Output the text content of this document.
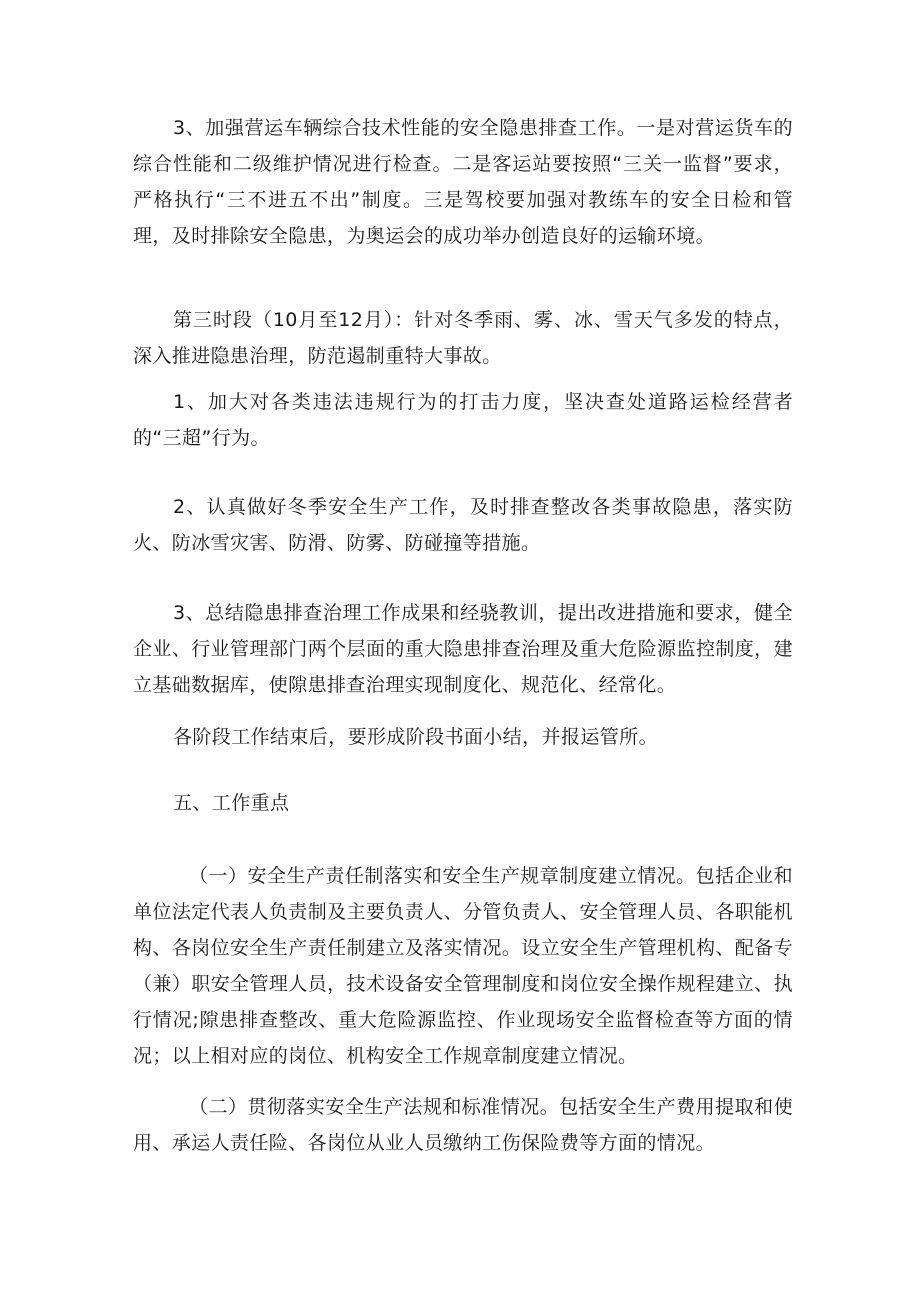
3、加强营运车辆综合技术性能的安全隐患排查工作。一是对营运货车的综合性能和二级维护情况进行检查。二是客运站要按照“三关一监督”要求，严格执行“三不进五不出”制度。三是驾校要加强对教练车的安全日检和管理，及时排除安全隐患，为奥运会的成功举办创造良好的运输环境。

第三时段（10月至12月）：针对冬季雨、雾、冰、雪天气多发的特点，深入推进隐患治理，防范遏制重特大事故。

1、加大对各类违法违规行为的打击力度，坚决查处道路运检经营者的“三超”行为。

2、认真做好冬季安全生产工作，及时排查整改各类事故隐患，落实防火、防冰雪灾害、防滑、防雾、防碰撞等措施。

3、总结隐患排查治理工作成果和经骁教训，提出改进措施和要求，健全企业、行业管理部门两个层面的重大隐患排查治理及重大危险源监控制度，建立基础数据库，使隙患排查治理实现制度化、规范化、经常化。

各阶段工作结束后，要形成阶段书面小结，并报运管所。

五、工作重点

（一）安全生产责任制落实和安全生产规章制度建立情况。包括企业和单位法定代表人负责制及主要负责人、分管负责人、安全管理人员、各职能机构、各岗位安全生产责任制建立及落实情况。设立安全生产管理机构、配备专（兼）职安全管理人员，技术设备安全管理制度和岗位安全操作规程建立、执行情况;隙患排查整改、重大危险源监控、作业现场安全监督检查等方面的情况；以上相对应的岗位、机构安全工作规章制度建立情况。

（二）贯彻落实安全生产法规和标准情况。包括安全生产费用提取和使用、承运人责任险、各岗位从业人员缴纳工伤保险费等方面的情况。
